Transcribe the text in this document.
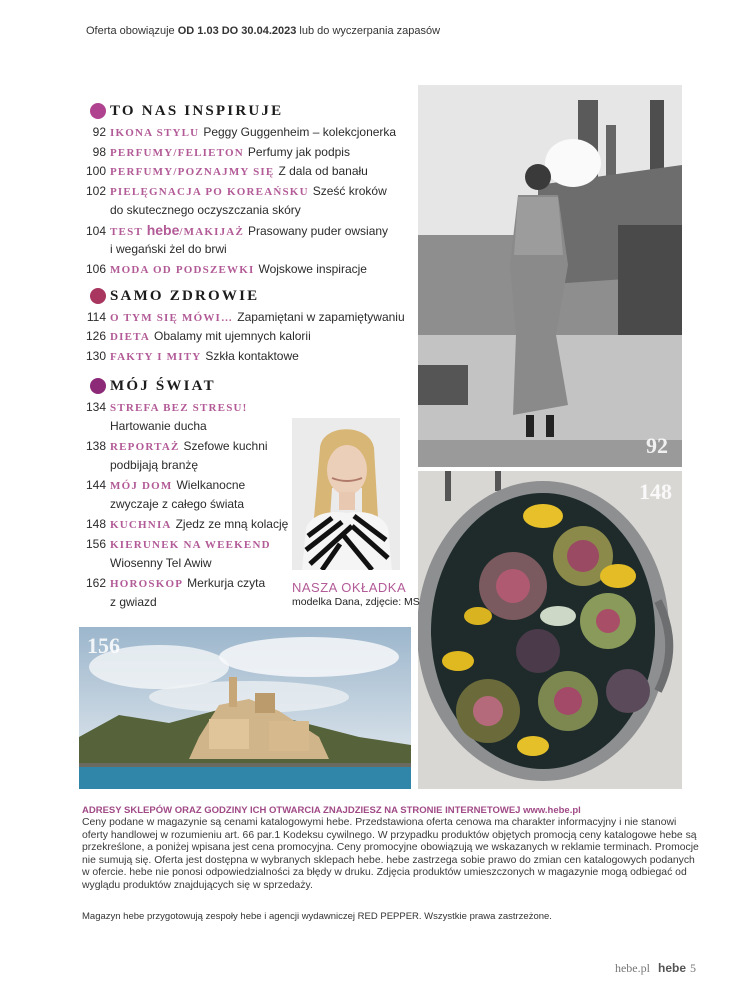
Oferta obowiązuje OD 1.03 DO 30.04.2023 lub do wyczerpania zapasów
TO NAS INSPIRUJE
92 IKONA STYLU Peggy Guggenheim – kolekcjonerka
98 PERFUMY/FELIETON Perfumy jak podpis
100 PERFUMY/POZNAJMY SIĘ Z dala od banału
102 PIELĘGNACJA PO KOREAŃSKU Sześć kroków
do skutecznego oczyszczania skóry
104 TEST hebe/MAKIJAŻ Prasowany puder owsiany
i wegański żel do brwi
106 MODA OD PODSZEWKI Wojskowe inspiracje
SAMO ZDROWIE
114 O TYM SIĘ MÓWI… Zapamiętani w zapamiętywaniu
126 DIETA Obalamy mit ujemnych kalorii
130 FAKTY I MITY Szkła kontaktowe
MÓJ ŚWIAT
134 STREFA BEZ STRESU!
Hartowanie ducha
138 REPORTAŻ Szefowe kuchni
podbijają branżę
144 MÓJ DOM Wielkanocne
zwyczaje z całego świata
148 KUCHNIA Zjedz ze mną kolację
156 KIERUNEK NA WEEKEND
Wiosenny Tel Awiw
162 HOROSKOP Merkurja czyta
z gwiazd
92
148
NASZA OKŁADKA
modelka Dana, zdjęcie: MS
156
ADRESY SKLEPÓW ORAZ GODZINY ICH OTWARCIA ZNAJDZIESZ NA STRONIE INTERNETOWEJ www.hebe.pl
Ceny podane w magazynie są cenami katalogowymi hebe. Przedstawiona oferta cenowa ma charakter informacyjny i nie stanowi oferty handlowej w rozumieniu art. 66 par.1 Kodeksu cywilnego. W przypadku produktów objętych promocją ceny katalogowe hebe są przekreślone, a poniżej wpisana jest cena promocyjna. Ceny promocyjne obowiązują we wskazanych w reklamie terminach. Promocje nie sumują się. Oferta jest dostępna w wybranych sklepach hebe. hebe zastrzega sobie prawo do zmian cen katalogowych podanych w ofercie. hebe nie ponosi odpowiedzialności za błędy w druku. Zdjęcia produktów umieszczonych w magazynie mogą odbiegać od wyglądu produktów znajdujących się w sprzedaży.
Magazyn hebe przygotowują zespoły hebe i agencji wydawniczej RED PEPPER. Wszystkie prawa zastrzeżone.
hebe.pl hebe 5
